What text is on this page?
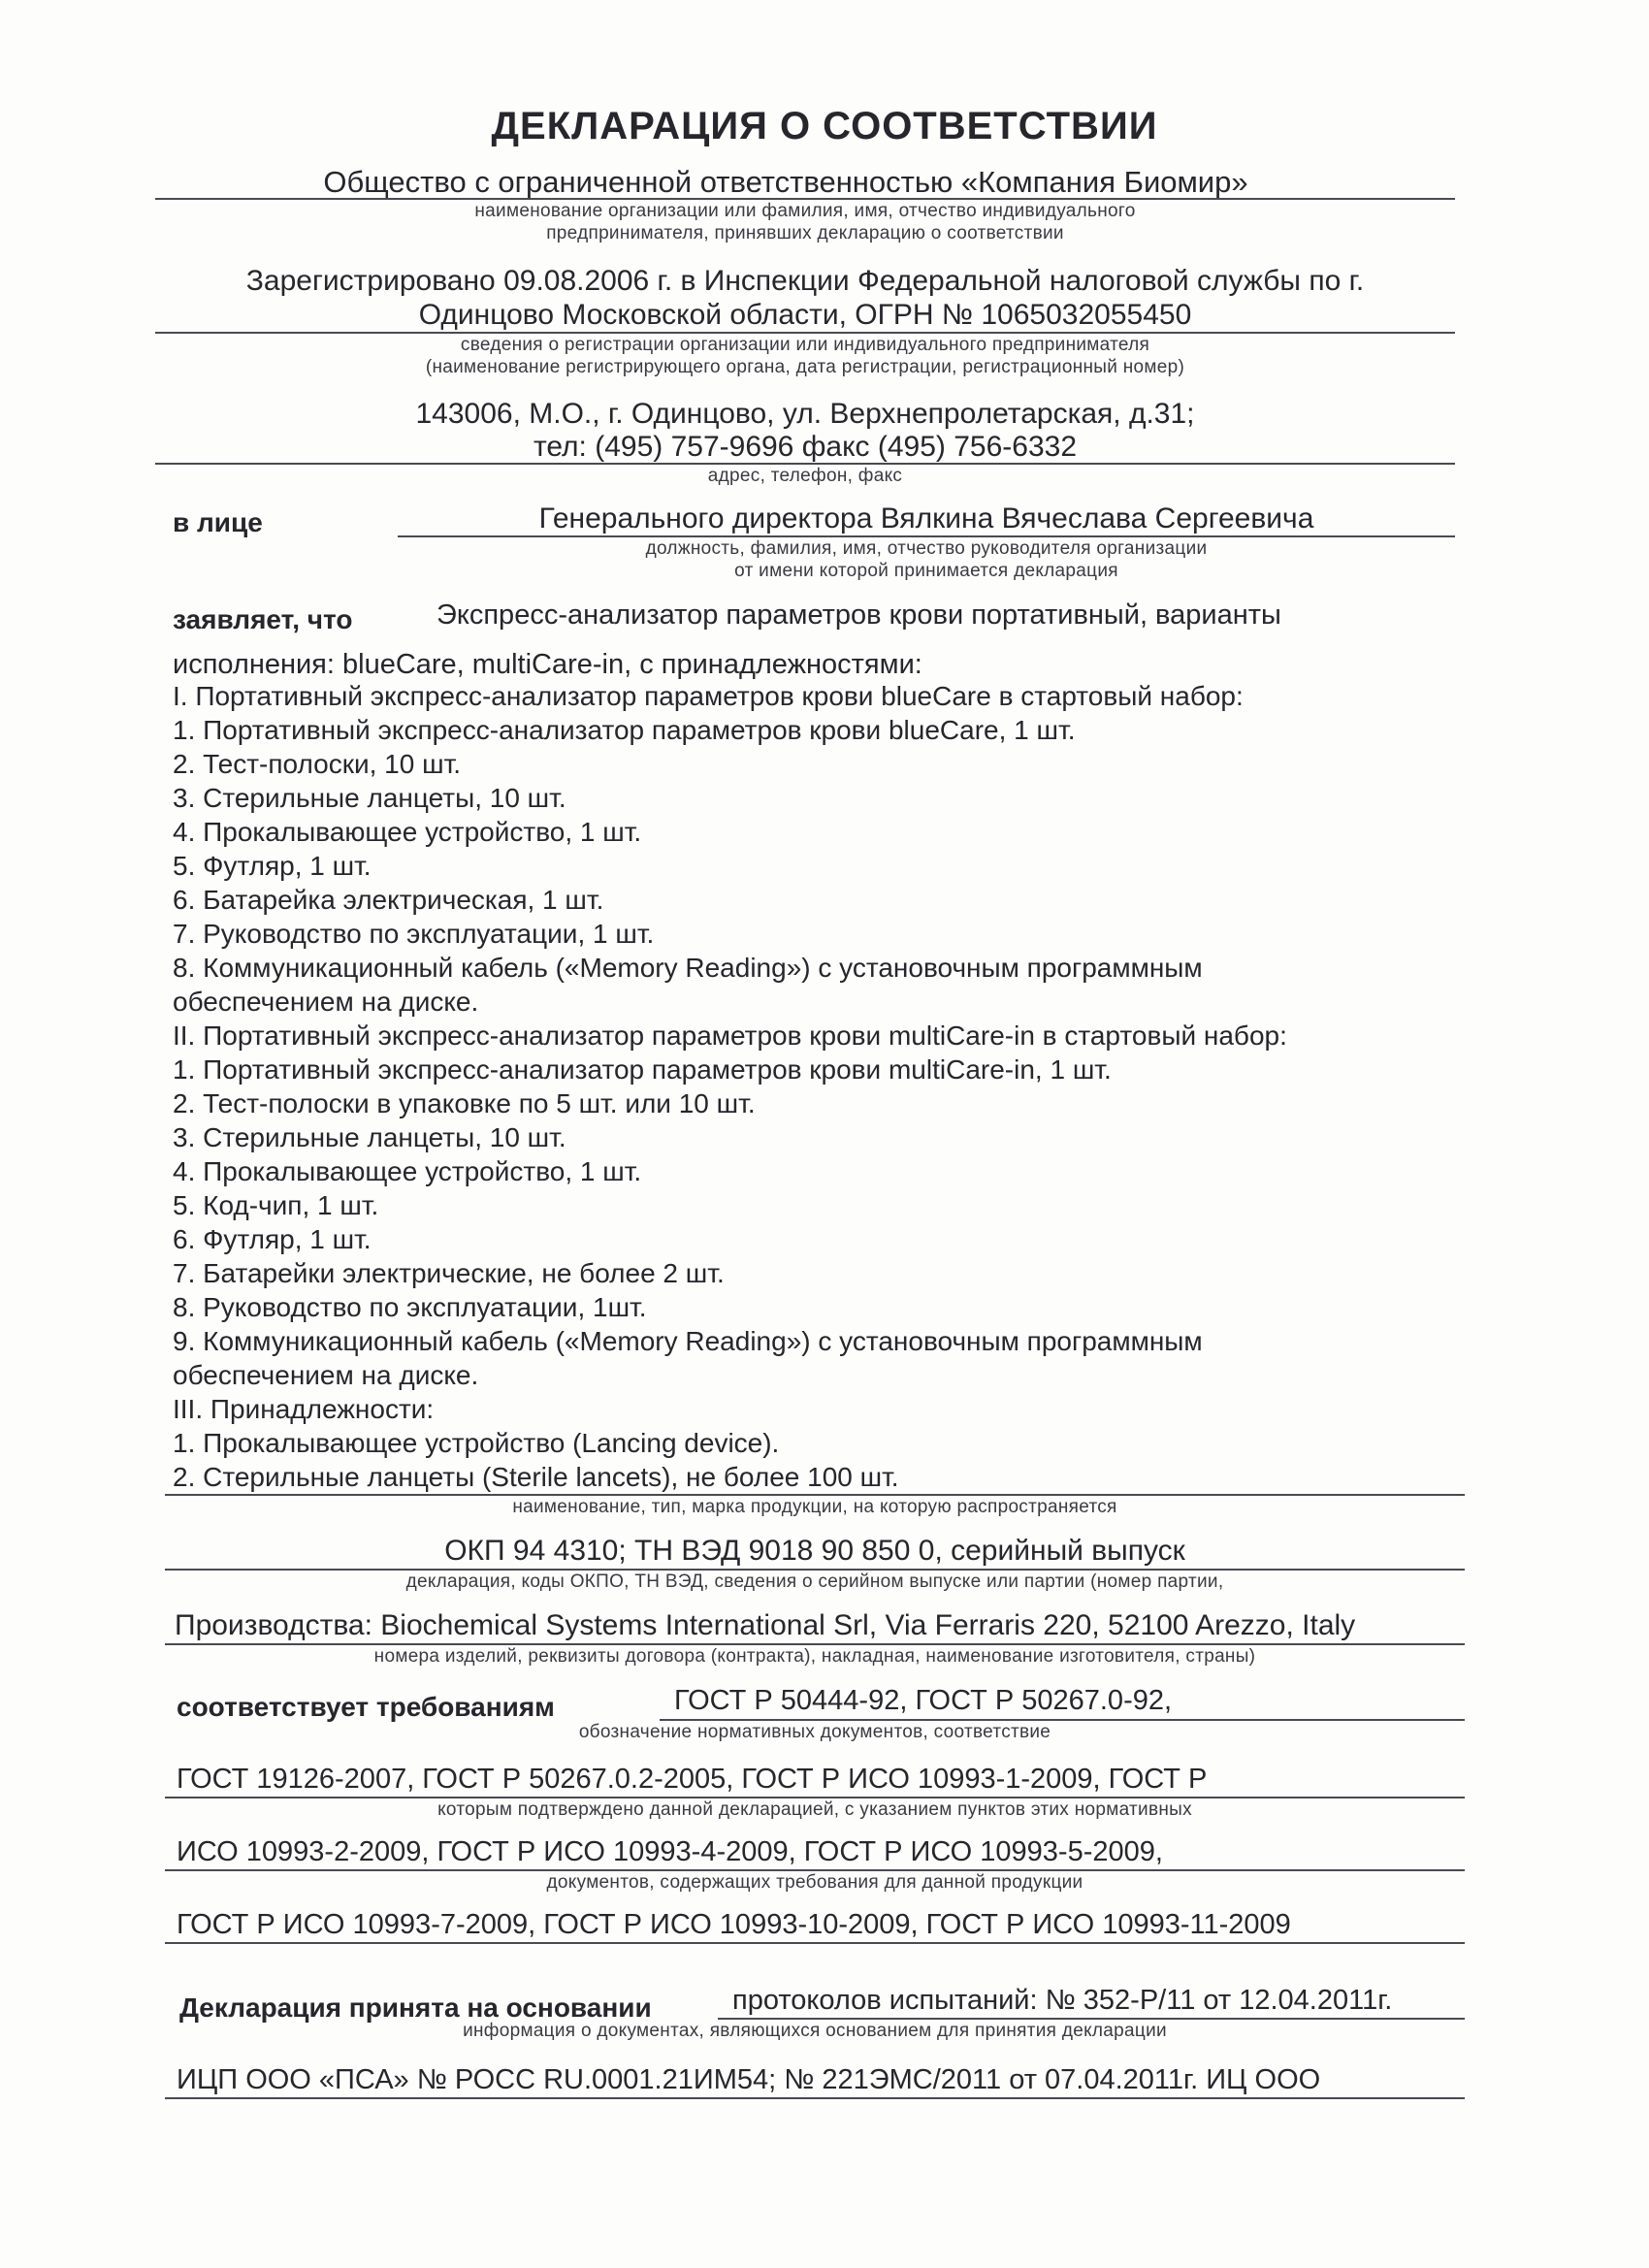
ДЕКЛАРАЦИЯ О СООТВЕТСТВИИ
Общество с ограниченной ответственностью «Компания Биомир»
наименование организации или фамилия, имя, отчество индивидуального
предпринимателя, принявших декларацию о соответствии
Зарегистрировано 09.08.2006 г. в Инспекции Федеральной налоговой службы по г.
Одинцово Московской области, ОГРН № 1065032055450
сведения о регистрации организации или индивидуального предпринимателя
(наименование регистрирующего органа, дата регистрации, регистрационный номер)
143006, М.О., г. Одинцово, ул. Верхнепролетарская, д.31;
тел: (495) 757-9696 факс (495) 756-6332
адрес, телефон, факс
в лице	Генерального директора Вялкина Вячеслава Сергеевича
должность, фамилия, имя, отчество руководителя организации
от имени которой принимается декларация
заявляет, что	Экспресс-анализатор параметров крови портативный, варианты
исполнения: blueCare, multiCare-in, с принадлежностями:
I. Портативный экспресс-анализатор параметров крови blueCare в стартовый набор:
1. Портативный экспресс-анализатор параметров крови blueCare, 1 шт.
2. Тест-полоски, 10 шт.
3. Стерильные ланцеты, 10 шт.
4. Прокалывающее устройство, 1 шт.
5. Футляр, 1 шт.
6. Батарейка электрическая, 1 шт.
7. Руководство по эксплуатации, 1 шт.
8. Коммуникационный кабель («Memory Reading») с установочным программным
обеспечением на диске.
II. Портативный экспресс-анализатор параметров крови multiCare-in в стартовый набор:
1. Портативный экспресс-анализатор параметров крови multiCare-in, 1 шт.
2. Тест-полоски в упаковке по 5 шт. или 10 шт.
3. Стерильные ланцеты, 10 шт.
4. Прокалывающее устройство, 1 шт.
5. Код-чип, 1 шт.
6. Футляр, 1 шт.
7. Батарейки электрические, не более 2 шт.
8. Руководство по эксплуатации, 1шт.
9. Коммуникационный кабель («Memory Reading») с установочным программным
обеспечением на диске.
III. Принадлежности:
1. Прокалывающее устройство (Lancing device).
2. Стерильные ланцеты (Sterile lancets), не более 100 шт.
наименование, тип, марка продукции, на которую распространяется
ОКП 94 4310; ТН ВЭД 9018 90 850 0, серийный выпуск
декларация, коды ОКПО, ТН ВЭД, сведения о серийном выпуске или партии (номер партии,
Производства: Biochemical Systems International Srl, Via Ferraris 220, 52100 Arezzo, Italy
номера изделий, реквизиты договора (контракта), накладная, наименование изготовителя, страны)
соответствует требованиям	ГОСТ Р 50444-92, ГОСТ Р 50267.0-92,
обозначение нормативных документов, соответствие
ГОСТ 19126-2007, ГОСТ Р 50267.0.2-2005, ГОСТ Р ИСО 10993-1-2009, ГОСТ Р
которым подтверждено данной декларацией, с указанием пунктов этих нормативных
ИСО 10993-2-2009, ГОСТ Р ИСО 10993-4-2009, ГОСТ Р ИСО 10993-5-2009,
документов, содержащих требования для данной продукции
ГОСТ Р ИСО 10993-7-2009, ГОСТ Р ИСО 10993-10-2009, ГОСТ Р ИСО 10993-11-2009
Декларация принята на основании	протоколов испытаний: № 352-Р/11 от 12.04.2011г.
информация о документах, являющихся основанием для принятия декларации
ИЦП ООО «ПСА» № РОСС RU.0001.21ИМ54; № 221ЭМС/2011 от 07.04.2011г. ИЦ ООО
